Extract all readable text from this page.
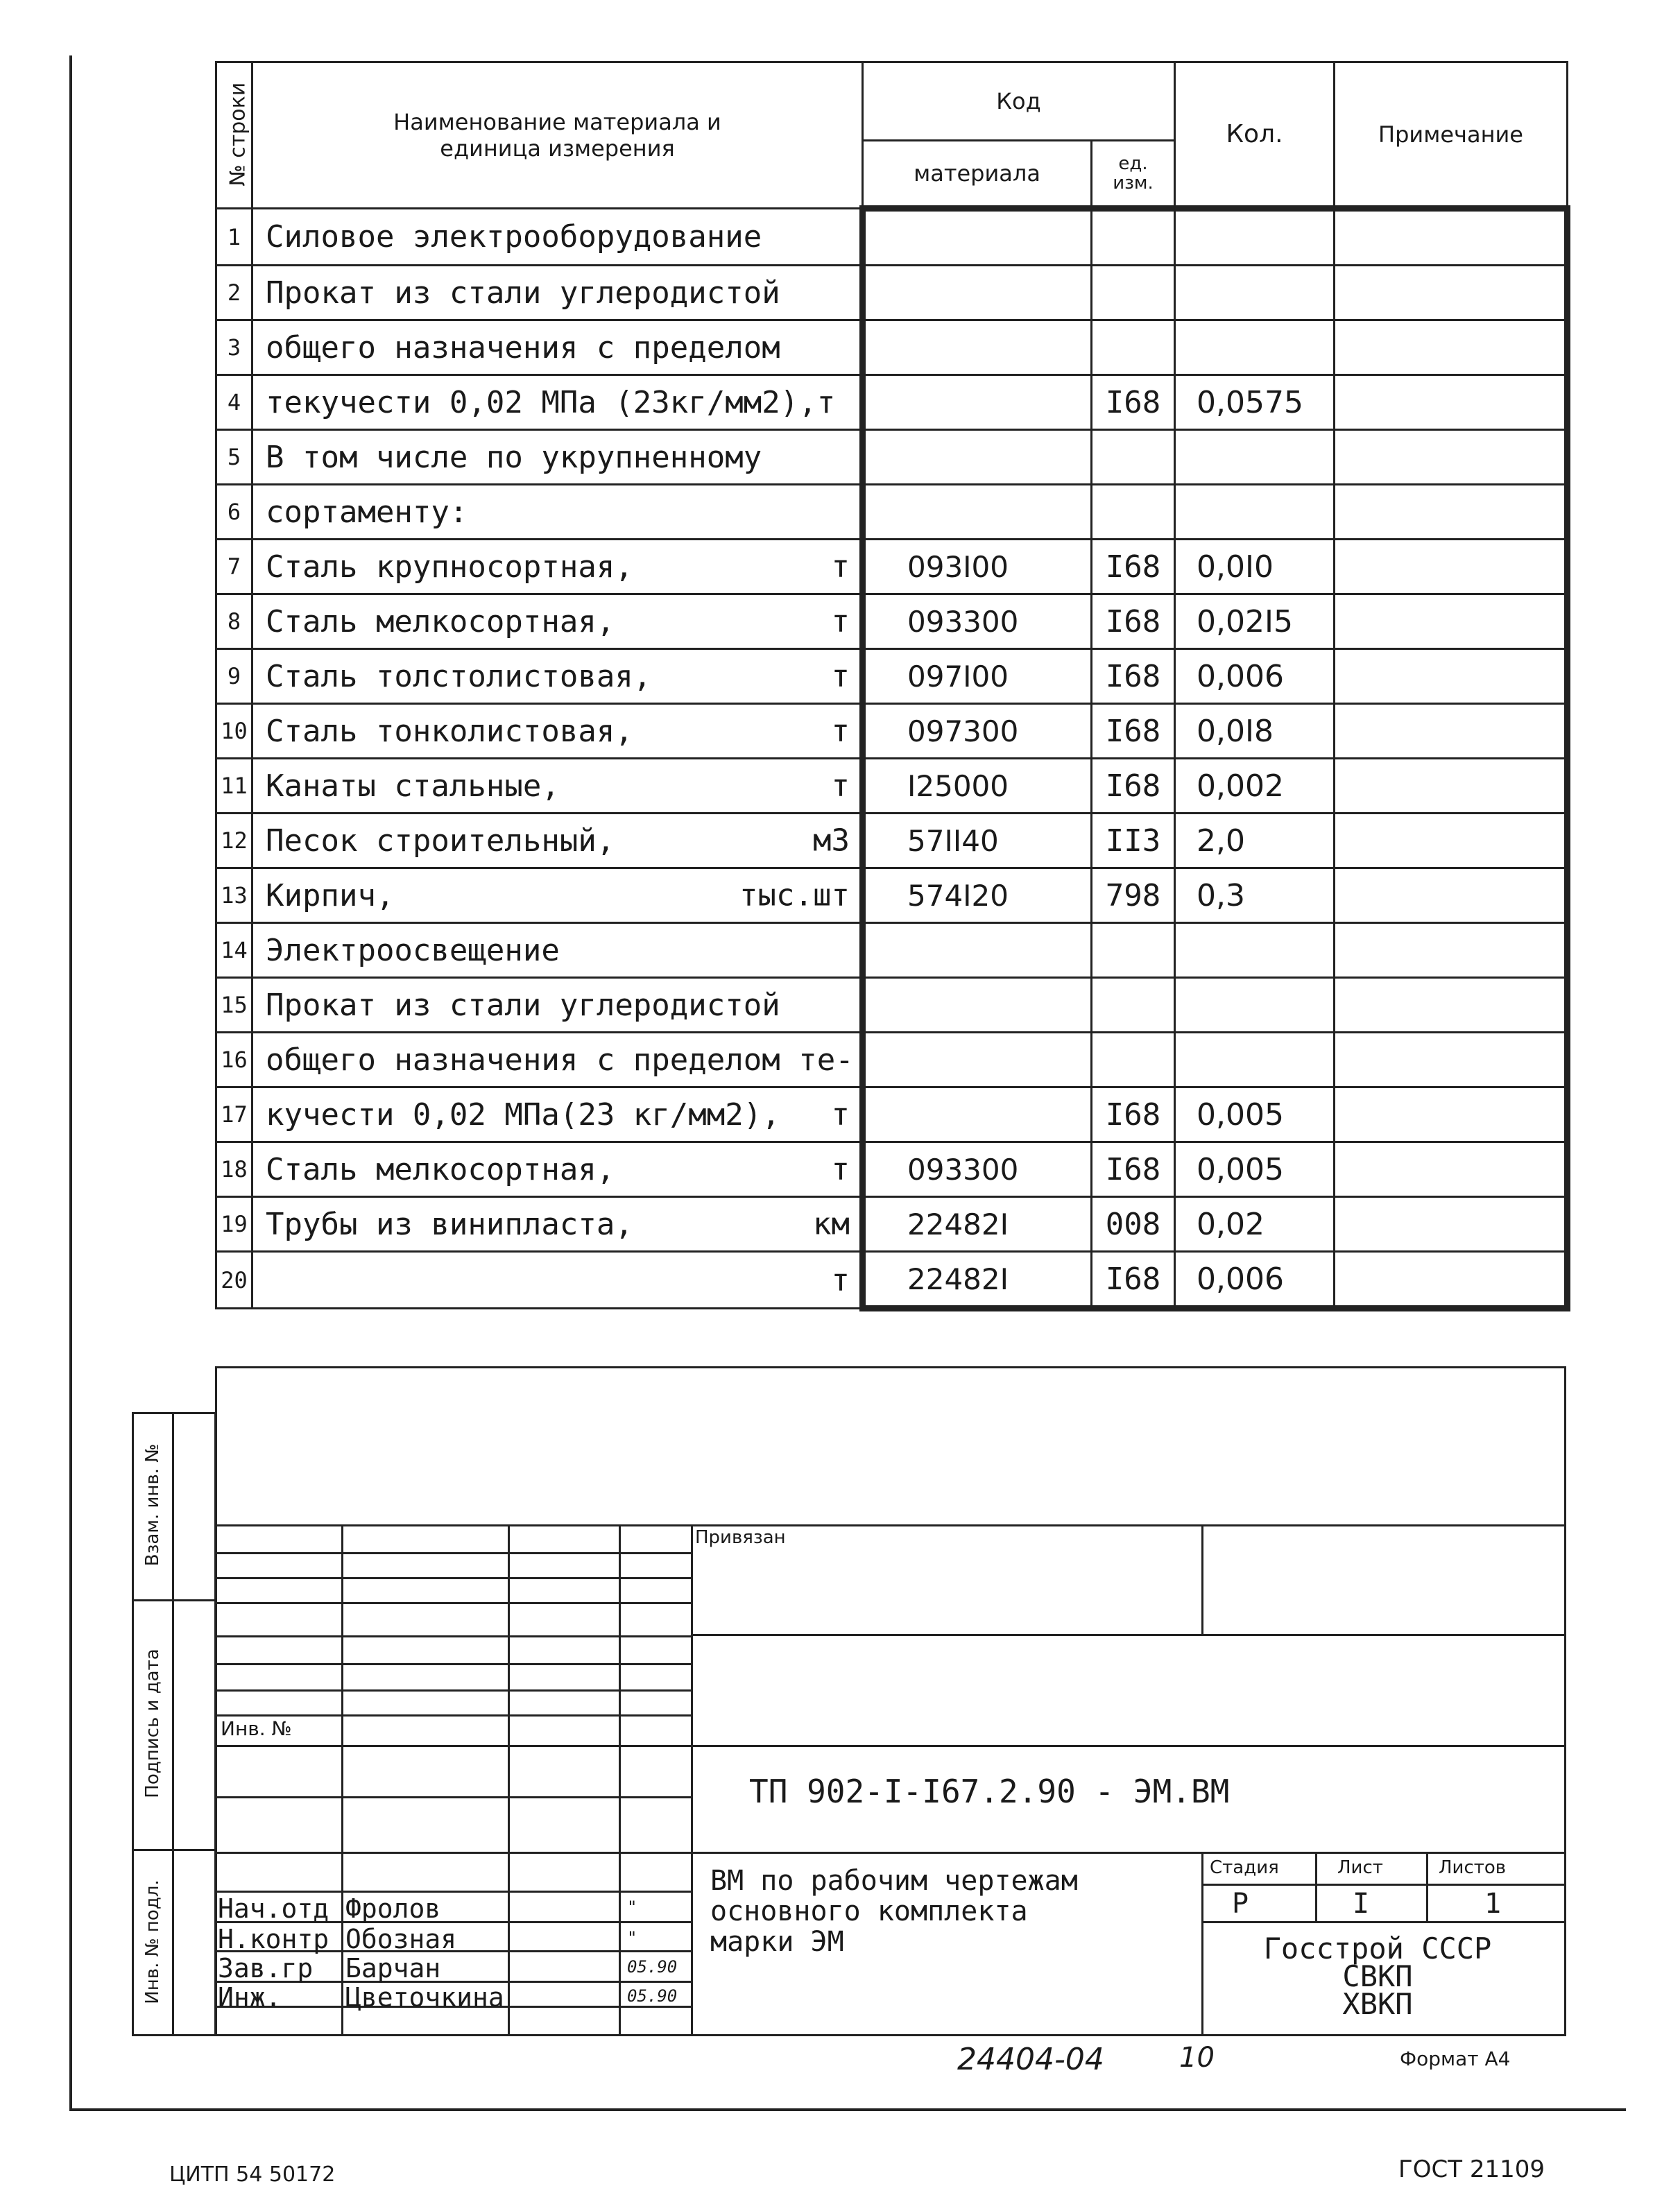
№ строки	Наименование материала и
единица измерения	Код		Кол.	Примечание
		материала	ед.
изм.		

1	Силовое электрооборудование

2	Прокат из стали углеродистой

3	общего назначения с пределом

4	текучести 0,02 МПа (23кг/мм2),т		I68	0,0575	
5	В том числе по укрупненному

6	сортаменту:

7	Сталь крупносортная, т	093I00	I68	0,0I0	
8	Сталь мелкосортная, т	093300	I68	0,02I5	
9	Сталь толстолистовая, т	097I00	I68	0,006	
10	Сталь тонколистовая, т	097300	I68	0,0I8	
11	Канаты стальные, т	I25000	I68	0,002	
12	Песок строительный, м3	57II40	II3	2,0	
13	Кирпич, тыс.шт	574I20	798	0,3	
14	Электроосвещение

15	Прокат из стали углеродистой

16	общего назначения с пределом те-

17	кучести 0,02 МПа(23 кг/мм2), т		I68	0,005	
18	Сталь мелкосортная, т	093300	I68	0,005	
19	Трубы из винипласта, км	22482I	008	0,02	
20	т	22482I	I68	0,006	
Взам. инв. №
Подпись и дата
Инв. № подл.
Привязан
Инв. №
ТП 902-I-I67.2.90 - ЭМ.ВМ
Нач.отд Фролов	"
Н.контр Обозная	"
Зав.гр Барчан	05.90
Инж. Цветочкина	05.90
ВМ по рабочим чертежам
основного комплекта
марки ЭМ
Стадия	Лист	Листов
Р	I	1
Госстрой СССР
СВКП
ХВКП
24404-04	10	Формат А4
ЦИТП 54 50172	ГОСТ 21109
